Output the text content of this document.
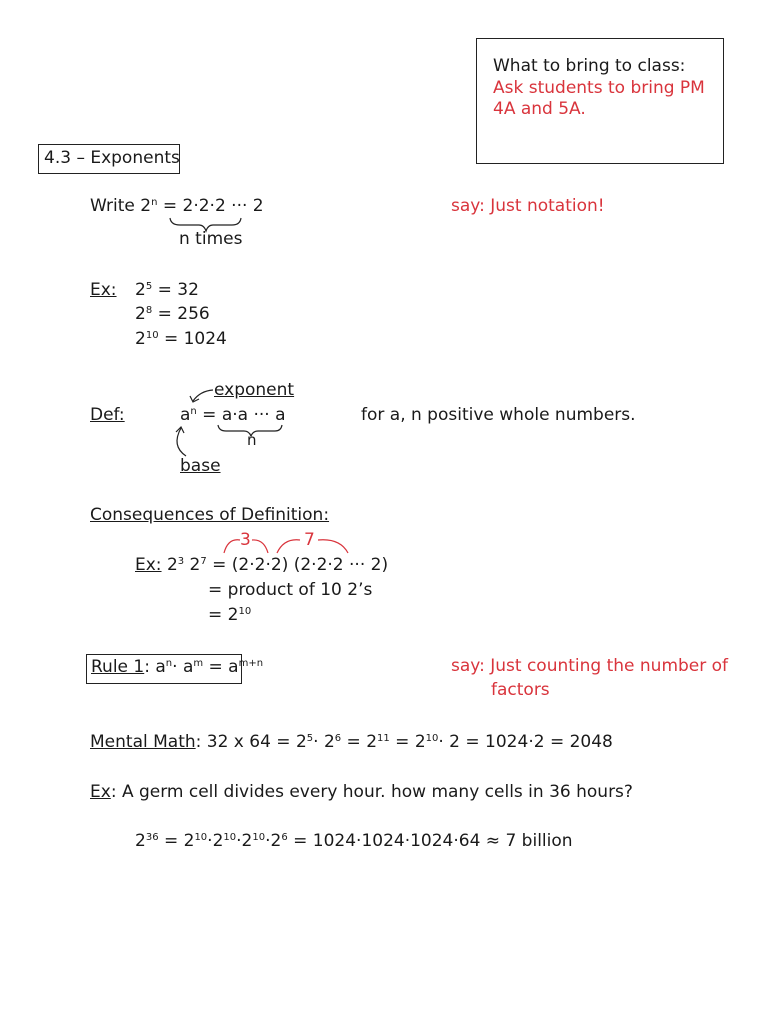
What to bring to class:
Ask students to bring PM
4A and 5A.
4.3 – Exponents
Write $2^n = 2\cdot 2\cdot 2$ ··· 2
n times
say: Just notation!
Ex: $2^5 = 32$
$2^8 = 256$
$2^{10} = 1024$
exponent
Def:	$a^n = a\cdot a$ ··· a
n
base
for a, n positive whole numbers.
Consequences of Definition:
3	7
Ex: $2^3$ $2^7 = (2\cdot 2\cdot 2)$ (2·2·2 ··· 2)
= product of 10 2’s
= $2^{10}$
Rule 1: $a^n\cdot a^m = a^{m+n}$	say: Just counting the number of
factors
Mental Math: 32 x $64 = 2^5\cdot 2^6 = 2^{11} = 2^{10}\cdot 2 = 1024\cdot 2 = 2048$
Ex: A germ cell divides every hour. how many cells in 36 hours?
$2^{36} = 2^{10}\cdot 2^{10}\cdot 2^{10}\cdot 2^6 = 1024\cdot 1024\cdot 1024\cdot 64 \approx 7$ billion
